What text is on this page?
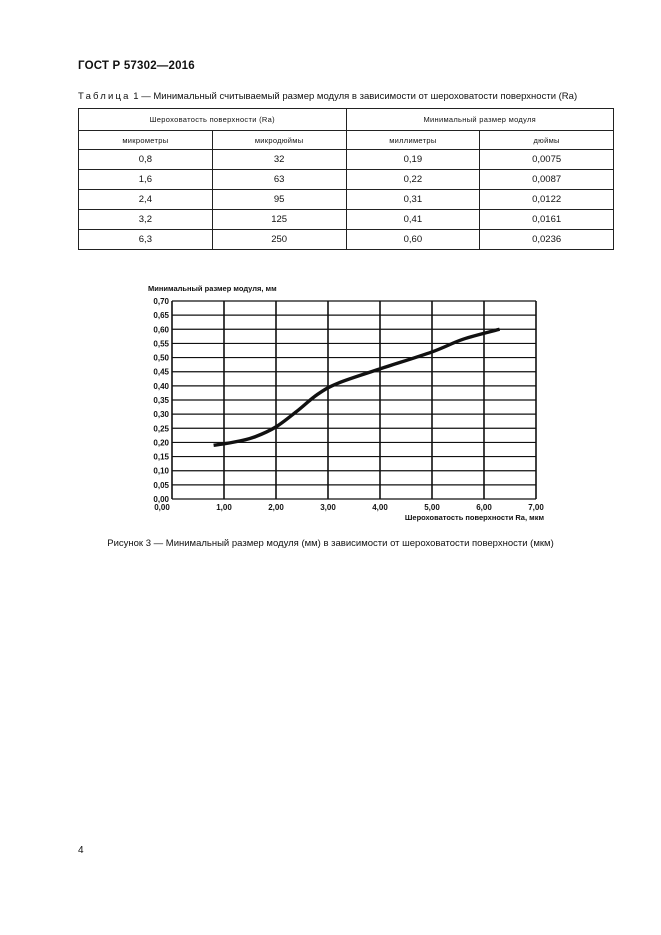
ГОСТ Р 57302—2016
Таблица 1 — Минимальный считываемый размер модуля в зависимости от шероховатости поверхности (Ra)
Шероховатость поверхности (Ra)		Минимальный размер модуля	
микрометры	микродюймы	миллиметры	дюймы
0,8	32	0,19	0,0075
1,6	63	0,22	0,0087
2,4	95	0,31	0,0122
3,2	125	0,41	0,0161
6,3	250	0,60	0,0236
0,00
0,05
0,10
0,15
0,20
0,25
0,30
0,35
0,40
0,45
0,50
0,55
0,60
0,65
0,70
0,00	1,00	2,00	3,00	4,00	5,00	6,00	7,00
Минимальный размер модуля, мм
Шероховатость поверхности Ra, мкм
Рисунок 3 — Минимальный размер модуля (мм) в зависимости от шероховатости поверхности (мкм)
4
